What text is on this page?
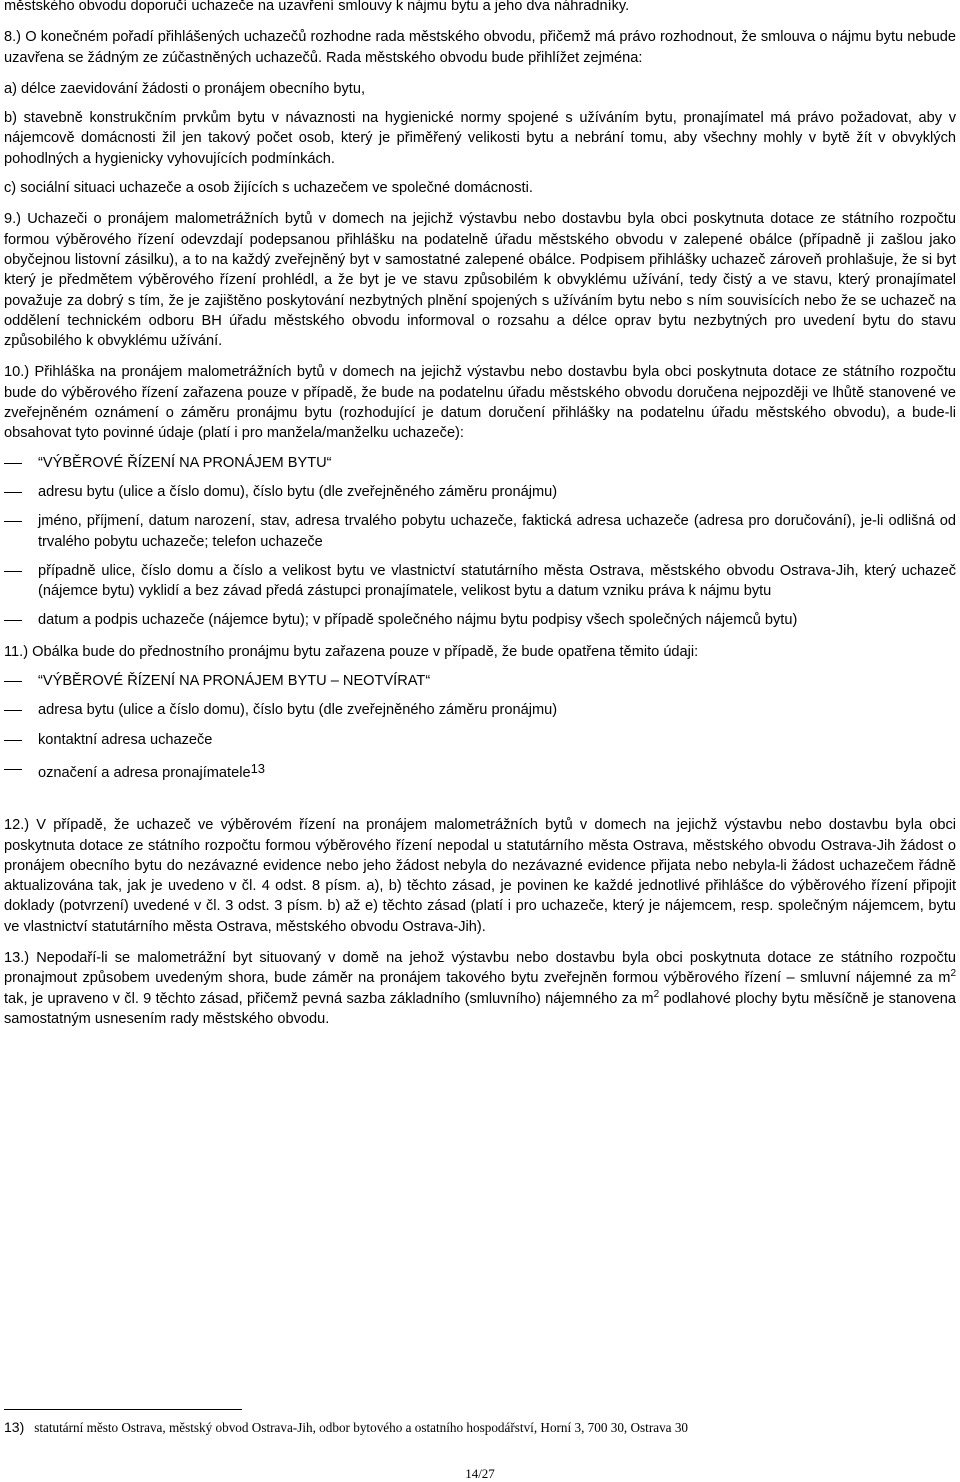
městského obvodu doporučí uchazeče na uzavření smlouvy k nájmu bytu a jeho dva náhradníky.

8.) O konečném pořadí přihlášených uchazečů rozhodne rada městského obvodu, přičemž má právo rozhodnout, že smlouva o nájmu bytu nebude uzavřena se žádným ze zúčastněných uchazečů. Rada městského obvodu bude přihlížet zejména:

a) délce zaevidování žádosti o pronájem obecního bytu,

b) stavebně konstrukčním prvkům bytu v návaznosti na hygienické normy spojené s užíváním bytu, pronajímatel má právo požadovat, aby v nájemcově domácnosti žil jen takový počet osob, který je přiměřený velikosti bytu a nebrání tomu, aby všechny mohly v bytě žít v obvyklých pohodlných a hygienicky vyhovujících podmínkách.

c) sociální situaci uchazeče a osob žijících s uchazečem ve společné domácnosti.

9.) Uchazeči o pronájem malometrážních bytů v domech na jejichž výstavbu nebo dostavbu byla obci poskytnuta dotace ze státního rozpočtu formou výběrového řízení odevzdají podepsanou přihlášku na podatelně úřadu městského obvodu v zalepené obálce (případně ji zašlou jako obyčejnou listovní zásilku), a to na každý zveřejněný byt v samostatné zalepené obálce. Podpisem přihlášky uchazeč zároveň prohlašuje, že si byt který je předmětem výběrového řízení prohlédl, a že byt je ve stavu způsobilém k obvyklému užívání, tedy čistý a ve stavu, který pronajímatel považuje za dobrý s tím, že je zajištěno poskytování nezbytných plnění spojených s užíváním bytu nebo s ním souvisících nebo že se uchazeč na oddělení technickém odboru BH úřadu městského obvodu informoval o rozsahu a délce oprav bytu nezbytných pro uvedení bytu do stavu způsobilého k obvyklému užívání.

10.) Přihláška na pronájem malometrážních bytů v domech na jejichž výstavbu nebo dostavbu byla obci poskytnuta dotace ze státního rozpočtu bude do výběrového řízení zařazena pouze v případě, že bude na podatelnu úřadu městského obvodu doručena nejpozději ve lhůtě stanovené ve zveřejněném oznámení o záměru pronájmu bytu (rozhodující je datum doručení přihlášky na podatelnu úřadu městského obvodu), a bude-li obsahovat tyto povinné údaje (platí i pro manžela/manželku uchazeče):

“VÝBĚROVÉ ŘÍZENÍ NA PRONÁJEM BYTU“
adresu bytu (ulice a číslo domu), číslo bytu (dle zveřejněného záměru pronájmu)
jméno, příjmení, datum narození, stav, adresa trvalého pobytu uchazeče, faktická adresa uchazeče (adresa pro doručování), je-li odlišná od trvalého pobytu uchazeče; telefon uchazeče
případně ulice, číslo domu a číslo a velikost bytu ve vlastnictví statutárního města Ostrava, městského obvodu Ostrava-Jih, který uchazeč (nájemce bytu) vyklidí a bez závad předá zástupci pronajímatele, velikost bytu a datum vzniku práva k nájmu bytu
datum a podpis uchazeče (nájemce bytu); v případě společného nájmu bytu podpisy všech společných nájemců bytu)

11.) Obálka bude do přednostního pronájmu bytu zařazena pouze v případě, že bude opatřena těmito údaji:

“VÝBĚROVÉ ŘÍZENÍ NA PRONÁJEM BYTU – NEOTVÍRAT“
adresa bytu (ulice a číslo domu), číslo bytu (dle zveřejněného záměru pronájmu)
kontaktní adresa uchazeče
označení a adresa pronajímatele13

12.) V případě, že uchazeč ve výběrovém řízení na pronájem malometrážních bytů v domech na jejichž výstavbu nebo dostavbu byla obci poskytnuta dotace ze státního rozpočtu formou výběrového řízení nepodal u statutárního města Ostrava, městského obvodu Ostrava-Jih žádost o pronájem obecního bytu do nezávazné evidence nebo jeho žádost nebyla do nezávazné evidence přijata nebo nebyla-li žádost uchazečem řádně aktualizována tak, jak je uvedeno v čl. 4 odst. 8 písm. a), b) těchto zásad, je povinen ke každé jednotlivé přihlášce do výběrového řízení připojit doklady (potvrzení) uvedené v čl. 3 odst. 3 písm. b) až e) těchto zásad (platí i pro uchazeče, který je nájemcem, resp. společným nájemcem, bytu ve vlastnictví statutárního města Ostrava, městského obvodu Ostrava-Jih).

13.) Nepodaří-li se malometrážní byt situovaný v domě na jehož výstavbu nebo dostavbu byla obci poskytnuta dotace ze státního rozpočtu pronajmout způsobem uvedeným shora, bude záměr na pronájem takového bytu zveřejněn formou výběrového řízení – smluvní nájemné za $m^2$ tak, je upraveno v čl. 9 těchto zásad, přičemž pevná sazba základního (smluvního) nájemného za $m^2$ podlahové plochy bytu měsíčně je stanovena samostatným usnesením rady městského obvodu.

13) statutární město Ostrava, městský obvod Ostrava-Jih, odbor bytového a ostatního hospodářství, Horní 3, 700 30, Ostrava 30
14/27
